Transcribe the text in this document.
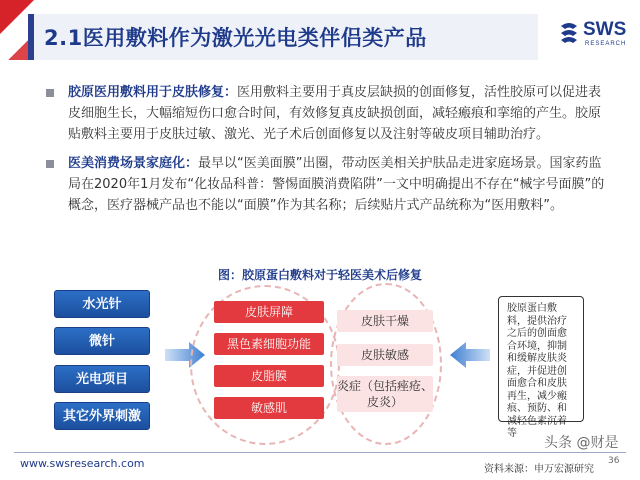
2.1医用敷料作为激光光电类伴侣类产品	SWS
RESEARCH
胶原医用敷料用于皮肤修复：医用敷料主要用于真皮层缺损的创面修复，活性胶原可以促进表皮细胞生长，大幅缩短伤口愈合时间，有效修复真皮缺损创面，减轻瘢痕和挛缩的产生。胶原贴敷料主要用于皮肤过敏、激光、光子术后创面修复以及注射等破皮项目辅助治疗。
医美消费场景家庭化：最早以“医美面膜”出圈，带动医美相关护肤品走进家庭场景。国家药监局在2020年1月发布“化妆品科普：警惕面膜消费陷阱”一文中明确提出不存在“械字号面膜”的概念，医疗器械产品也不能以“面膜”作为其名称；后续贴片式产品统称为“医用敷料”。
图：胶原蛋白敷料对于轻医美术后修复
水光针
微针
光电项目
其它外界刺激
皮肤屏障
黑色素细胞功能
皮脂膜
敏感肌
皮肤干燥
皮肤敏感
炎症（包括痤疮、皮炎）
胶原蛋白敷料，提供治疗之后的创面愈合环境，抑制和缓解皮肤炎症，并促进创面愈合和皮肤再生，减少瘢痕、预防、和减轻色素沉着等
头条 @财是
www.swsresearch.com	资料来源：申万宏源研究
36
